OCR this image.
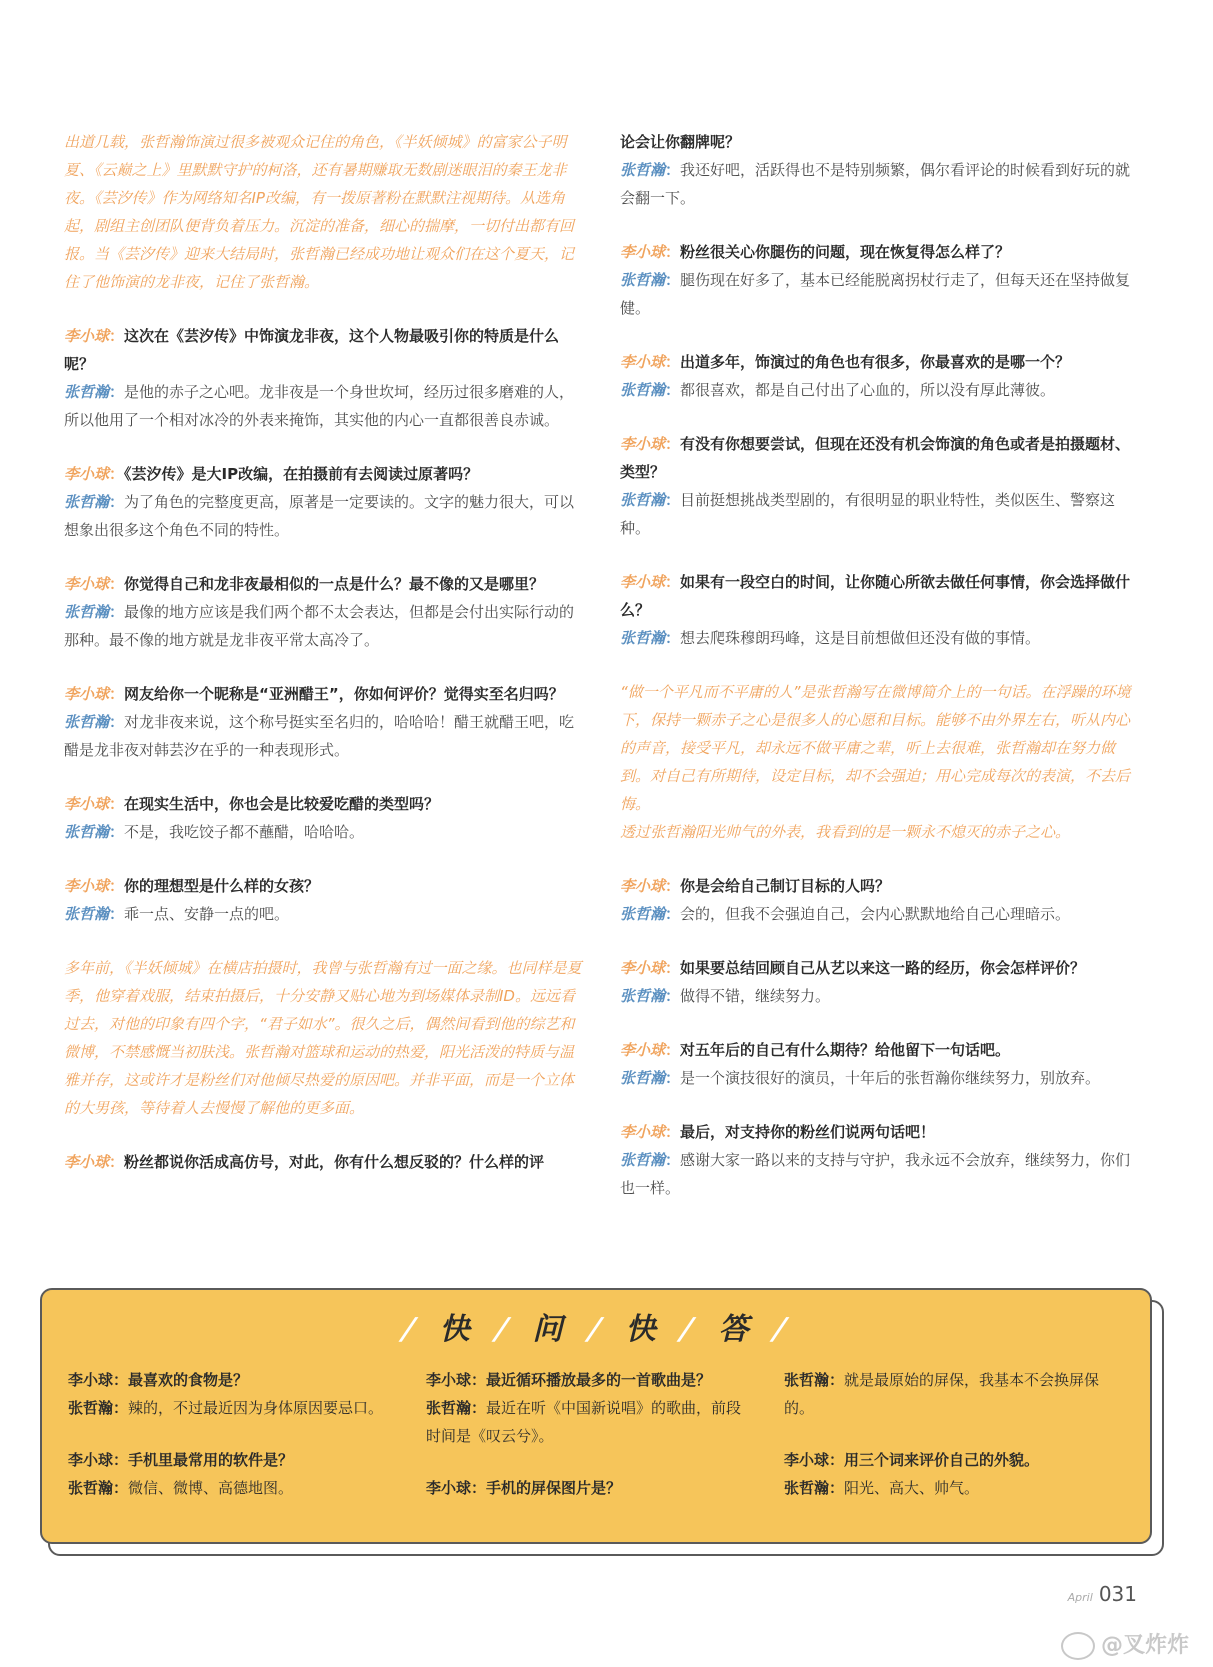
出道几载，张哲瀚饰演过很多被观众记住的角色，《半妖倾城》的富家公子明夏、《云巅之上》里默默守护的柯洛，还有暑期赚取无数剧迷眼泪的秦王龙非夜。《芸汐传》作为网络知名IP改编，有一拨原著粉在默默注视期待。从选角起，剧组主创团队便背负着压力。沉淀的准备，细心的揣摩，一切付出都有回报。当《芸汐传》迎来大结局时，张哲瀚已经成功地让观众们在这个夏天，记住了他饰演的龙非夜，记住了张哲瀚。

李小球：这次在《芸汐传》中饰演龙非夜，这个人物最吸引你的特质是什么呢？

张哲瀚：是他的赤子之心吧。龙非夜是一个身世坎坷，经历过很多磨难的人，所以他用了一个相对冰冷的外表来掩饰，其实他的内心一直都很善良赤诚。

李小球：《芸汐传》是大IP改编，在拍摄前有去阅读过原著吗？

张哲瀚：为了角色的完整度更高，原著是一定要读的。文字的魅力很大，可以想象出很多这个角色不同的特性。

李小球：你觉得自己和龙非夜最相似的一点是什么？最不像的又是哪里？

张哲瀚：最像的地方应该是我们两个都不太会表达，但都是会付出实际行动的那种。最不像的地方就是龙非夜平常太高冷了。

李小球：网友给你一个昵称是“亚洲醋王”，你如何评价？觉得实至名归吗？

张哲瀚：对龙非夜来说，这个称号挺实至名归的，哈哈哈！醋王就醋王吧，吃醋是龙非夜对韩芸汐在乎的一种表现形式。

李小球：在现实生活中，你也会是比较爱吃醋的类型吗？

张哲瀚：不是，我吃饺子都不蘸醋，哈哈哈。

李小球：你的理想型是什么样的女孩？

张哲瀚：乖一点、安静一点的吧。

多年前，《半妖倾城》在横店拍摄时，我曾与张哲瀚有过一面之缘。也同样是夏季，他穿着戏服，结束拍摄后，十分安静又贴心地为到场媒体录制ID。远远看过去，对他的印象有四个字，“君子如水”。很久之后，偶然间看到他的综艺和微博，不禁感慨当初肤浅。张哲瀚对篮球和运动的热爱，阳光活泼的特质与温雅并存，这或许才是粉丝们对他倾尽热爱的原因吧。并非平面，而是一个立体的大男孩，等待着人去慢慢了解他的更多面。

李小球：粉丝都说你活成高仿号，对此，你有什么想反驳的？什么样的评

论会让你翻牌呢？

张哲瀚：我还好吧，活跃得也不是特别频繁，偶尔看评论的时候看到好玩的就会翻一下。

李小球：粉丝很关心你腿伤的问题，现在恢复得怎么样了？

张哲瀚：腿伤现在好多了，基本已经能脱离拐杖行走了，但每天还在坚持做复健。

李小球：出道多年，饰演过的角色也有很多，你最喜欢的是哪一个？

张哲瀚：都很喜欢，都是自己付出了心血的，所以没有厚此薄彼。

李小球：有没有你想要尝试，但现在还没有机会饰演的角色或者是拍摄题材、类型？

张哲瀚：目前挺想挑战类型剧的，有很明显的职业特性，类似医生、警察这种。

李小球：如果有一段空白的时间，让你随心所欲去做任何事情，你会选择做什么？

张哲瀚：想去爬珠穆朗玛峰，这是目前想做但还没有做的事情。

“做一个平凡而不平庸的人”是张哲瀚写在微博简介上的一句话。在浮躁的环境下，保持一颗赤子之心是很多人的心愿和目标。能够不由外界左右，听从内心的声音，接受平凡，却永远不做平庸之辈，听上去很难，张哲瀚却在努力做到。对自己有所期待，设定目标，却不会强迫；用心完成每次的表演，不去后悔。

透过张哲瀚阳光帅气的外表，我看到的是一颗永不熄灭的赤子之心。

李小球：你是会给自己制订目标的人吗？

张哲瀚：会的，但我不会强迫自己，会内心默默地给自己心理暗示。

李小球：如果要总结回顾自己从艺以来这一路的经历，你会怎样评价？

张哲瀚：做得不错，继续努力。

李小球：对五年后的自己有什么期待？给他留下一句话吧。

张哲瀚：是一个演技很好的演员，十年后的张哲瀚你继续努力，别放弃。

李小球：最后，对支持你的粉丝们说两句话吧！

张哲瀚：感谢大家一路以来的支持与守护，我永远不会放弃，继续努力，你们也一样。

/ 快 / 问 / 快 / 答 /

李小球：最喜欢的食物是？

张哲瀚：辣的，不过最近因为身体原因要忌口。

李小球：手机里最常用的软件是？

张哲瀚：微信、微博、高德地图。

李小球：最近循环播放最多的一首歌曲是？

张哲瀚：最近在听《中国新说唱》的歌曲，前段时间是《叹云兮》。

李小球：手机的屏保图片是？

张哲瀚：就是最原始的屏保，我基本不会换屏保的。

李小球：用三个词来评价自己的外貌。

张哲瀚：阳光、高大、帅气。

April 031
@叉炸炸
